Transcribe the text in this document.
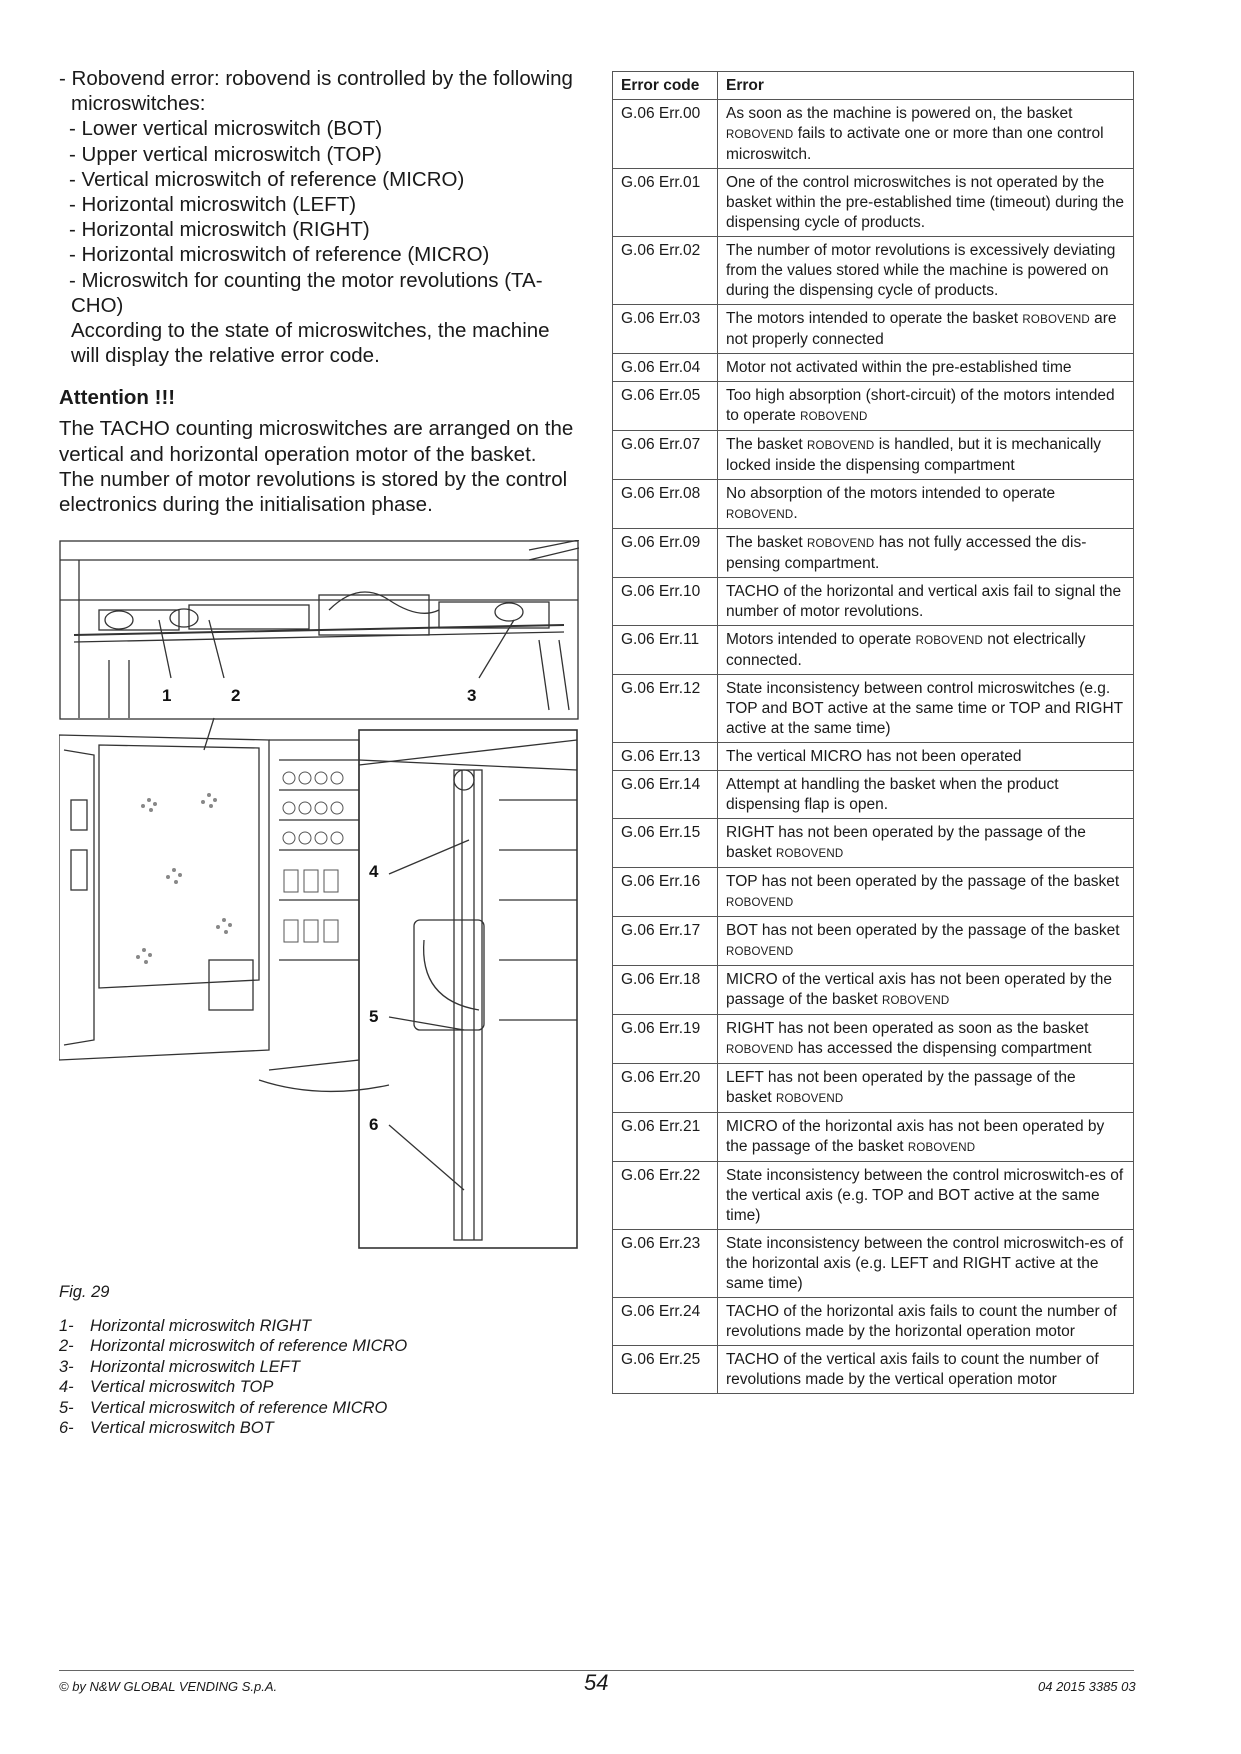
- Robovend error: robovend is controlled by the following
microswitches:
- Lower vertical microswitch (BOT)
- Upper vertical microswitch (TOP)
- Vertical microswitch of reference (MICRO)
- Horizontal microswitch (LEFT)
- Horizontal microswitch (RIGHT)
- Horizontal microswitch of reference (MICRO)
- Microswitch for counting the motor revolutions (TA-
CHO)
According to the state of microswitches, the machine
will display the relative error code.
Attention !!!
The TACHO counting microswitches are arranged on the
vertical and horizontal operation motor of the basket.
The number of motor revolutions is stored by the control
electronics during the initialisation phase.
1	2	3
4
5
6
Fig. 29
1- Horizontal microswitch RIGHT
2- Horizontal microswitch of reference MICRO
3- Horizontal microswitch LEFT
4- Vertical microswitch TOP
5- Vertical microswitch of reference MICRO
6- Vertical microswitch BOT
Error code	Error
G.06 Err.00	As soon as the machine is powered on, the basket ROBOVEND fails to activate one or more than one control microswitch.
G.06 Err.01	One of the control microswitches is not operated by the basket within the pre-established time (timeout) during the dispensing cycle of products.
G.06 Err.02	The number of motor revolutions is excessively deviating from the values stored while the machine is powered on during the dispensing cycle of products.
G.06 Err.03	The motors intended to operate the basket ROBOVEND are not properly connected
G.06 Err.04	Motor not activated within the pre-established time
G.06 Err.05	Too high absorption (short-circuit) of the motors intended to operate ROBOVEND
G.06 Err.07	The basket ROBOVEND is handled, but it is mechanically locked inside the dispensing compartment
G.06 Err.08	No absorption of the motors intended to operate ROBOVEND.
G.06 Err.09	The basket ROBOVEND has not fully accessed the dis-pensing compartment.
G.06 Err.10	TACHO of the horizontal and vertical axis fail to signal the number of motor revolutions.
G.06 Err.11	Motors intended to operate ROBOVEND not electrically connected.
G.06 Err.12	State inconsistency between control microswitches (e.g. TOP and BOT active at the same time or TOP and RIGHT active at the same time)
G.06 Err.13	The vertical MICRO has not been operated
G.06 Err.14	Attempt at handling the basket when the product dispensing flap is open.
G.06 Err.15	RIGHT has not been operated by the passage of the basket ROBOVEND
G.06 Err.16	TOP has not been operated by the passage of the basket ROBOVEND
G.06 Err.17	BOT has not been operated by the passage of the basket ROBOVEND
G.06 Err.18	MICRO of the vertical axis has not been operated by the passage of the basket ROBOVEND
G.06 Err.19	RIGHT has not been operated as soon as the basket ROBOVEND has accessed the dispensing compartment
G.06 Err.20	LEFT has not been operated by the passage of the basket ROBOVEND
G.06 Err.21	MICRO of the horizontal axis has not been operated by the passage of the basket ROBOVEND
G.06 Err.22	State inconsistency between the control microswitch-es of the vertical axis (e.g. TOP and BOT active at the same time)
G.06 Err.23	State inconsistency between the control microswitch-es of the horizontal axis (e.g. LEFT and RIGHT active at the same time)
G.06 Err.24	TACHO of the horizontal axis fails to count the number of revolutions made by the horizontal operation motor
G.06 Err.25	TACHO of the vertical axis fails to count the number of revolutions made by the vertical operation motor
© by N&W GLOBAL VENDING S.p.A.	54	04 2015 3385 03
